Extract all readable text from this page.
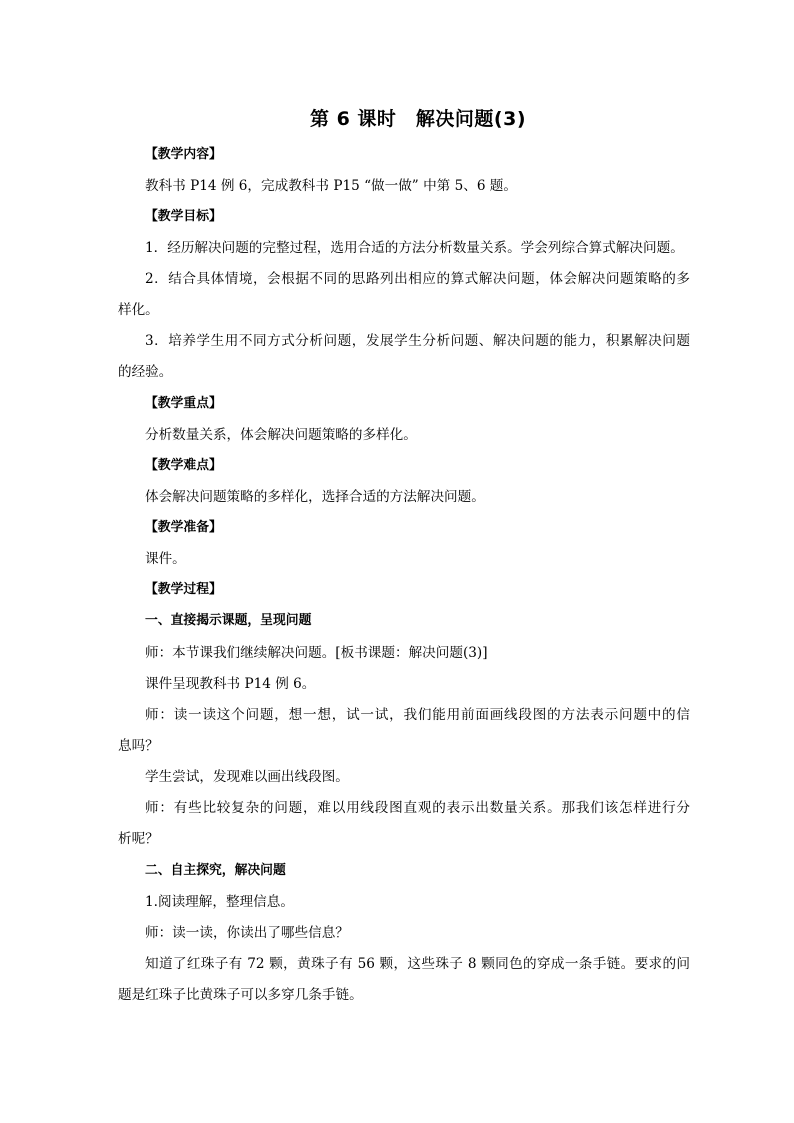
第 6 课时　解决问题(3)
【教学内容】
教科书 P14 例 6，完成教科书 P15 “做一做” 中第 5、6 题。
【教学目标】
1．经历解决问题的完整过程，选用合适的方法分析数量关系。学会列综合算式解决问题。
2．结合具体情境，会根据不同的思路列出相应的算式解决问题，体会解决问题策略的多
样化。
3．培养学生用不同方式分析问题，发展学生分析问题、解决问题的能力，积累解决问题
的经验。
【教学重点】
分析数量关系，体会解决问题策略的多样化。
【教学难点】
体会解决问题策略的多样化，选择合适的方法解决问题。
【教学准备】
课件。
【教学过程】
一、直接揭示课题，呈现问题
师：本节课我们继续解决问题。[板书课题：解决问题(3)]
课件呈现教科书 P14 例 6。
师：读一读这个问题，想一想，试一试，我们能用前面画线段图的方法表示问题中的信
息吗？
学生尝试，发现难以画出线段图。
师：有些比较复杂的问题，难以用线段图直观的表示出数量关系。那我们该怎样进行分
析呢？
二、自主探究，解决问题
1.阅读理解，整理信息。
师：读一读，你读出了哪些信息？
知道了红珠子有 72 颗，黄珠子有 56 颗，这些珠子 8 颗同色的穿成一条手链。要求的问
题是红珠子比黄珠子可以多穿几条手链。
